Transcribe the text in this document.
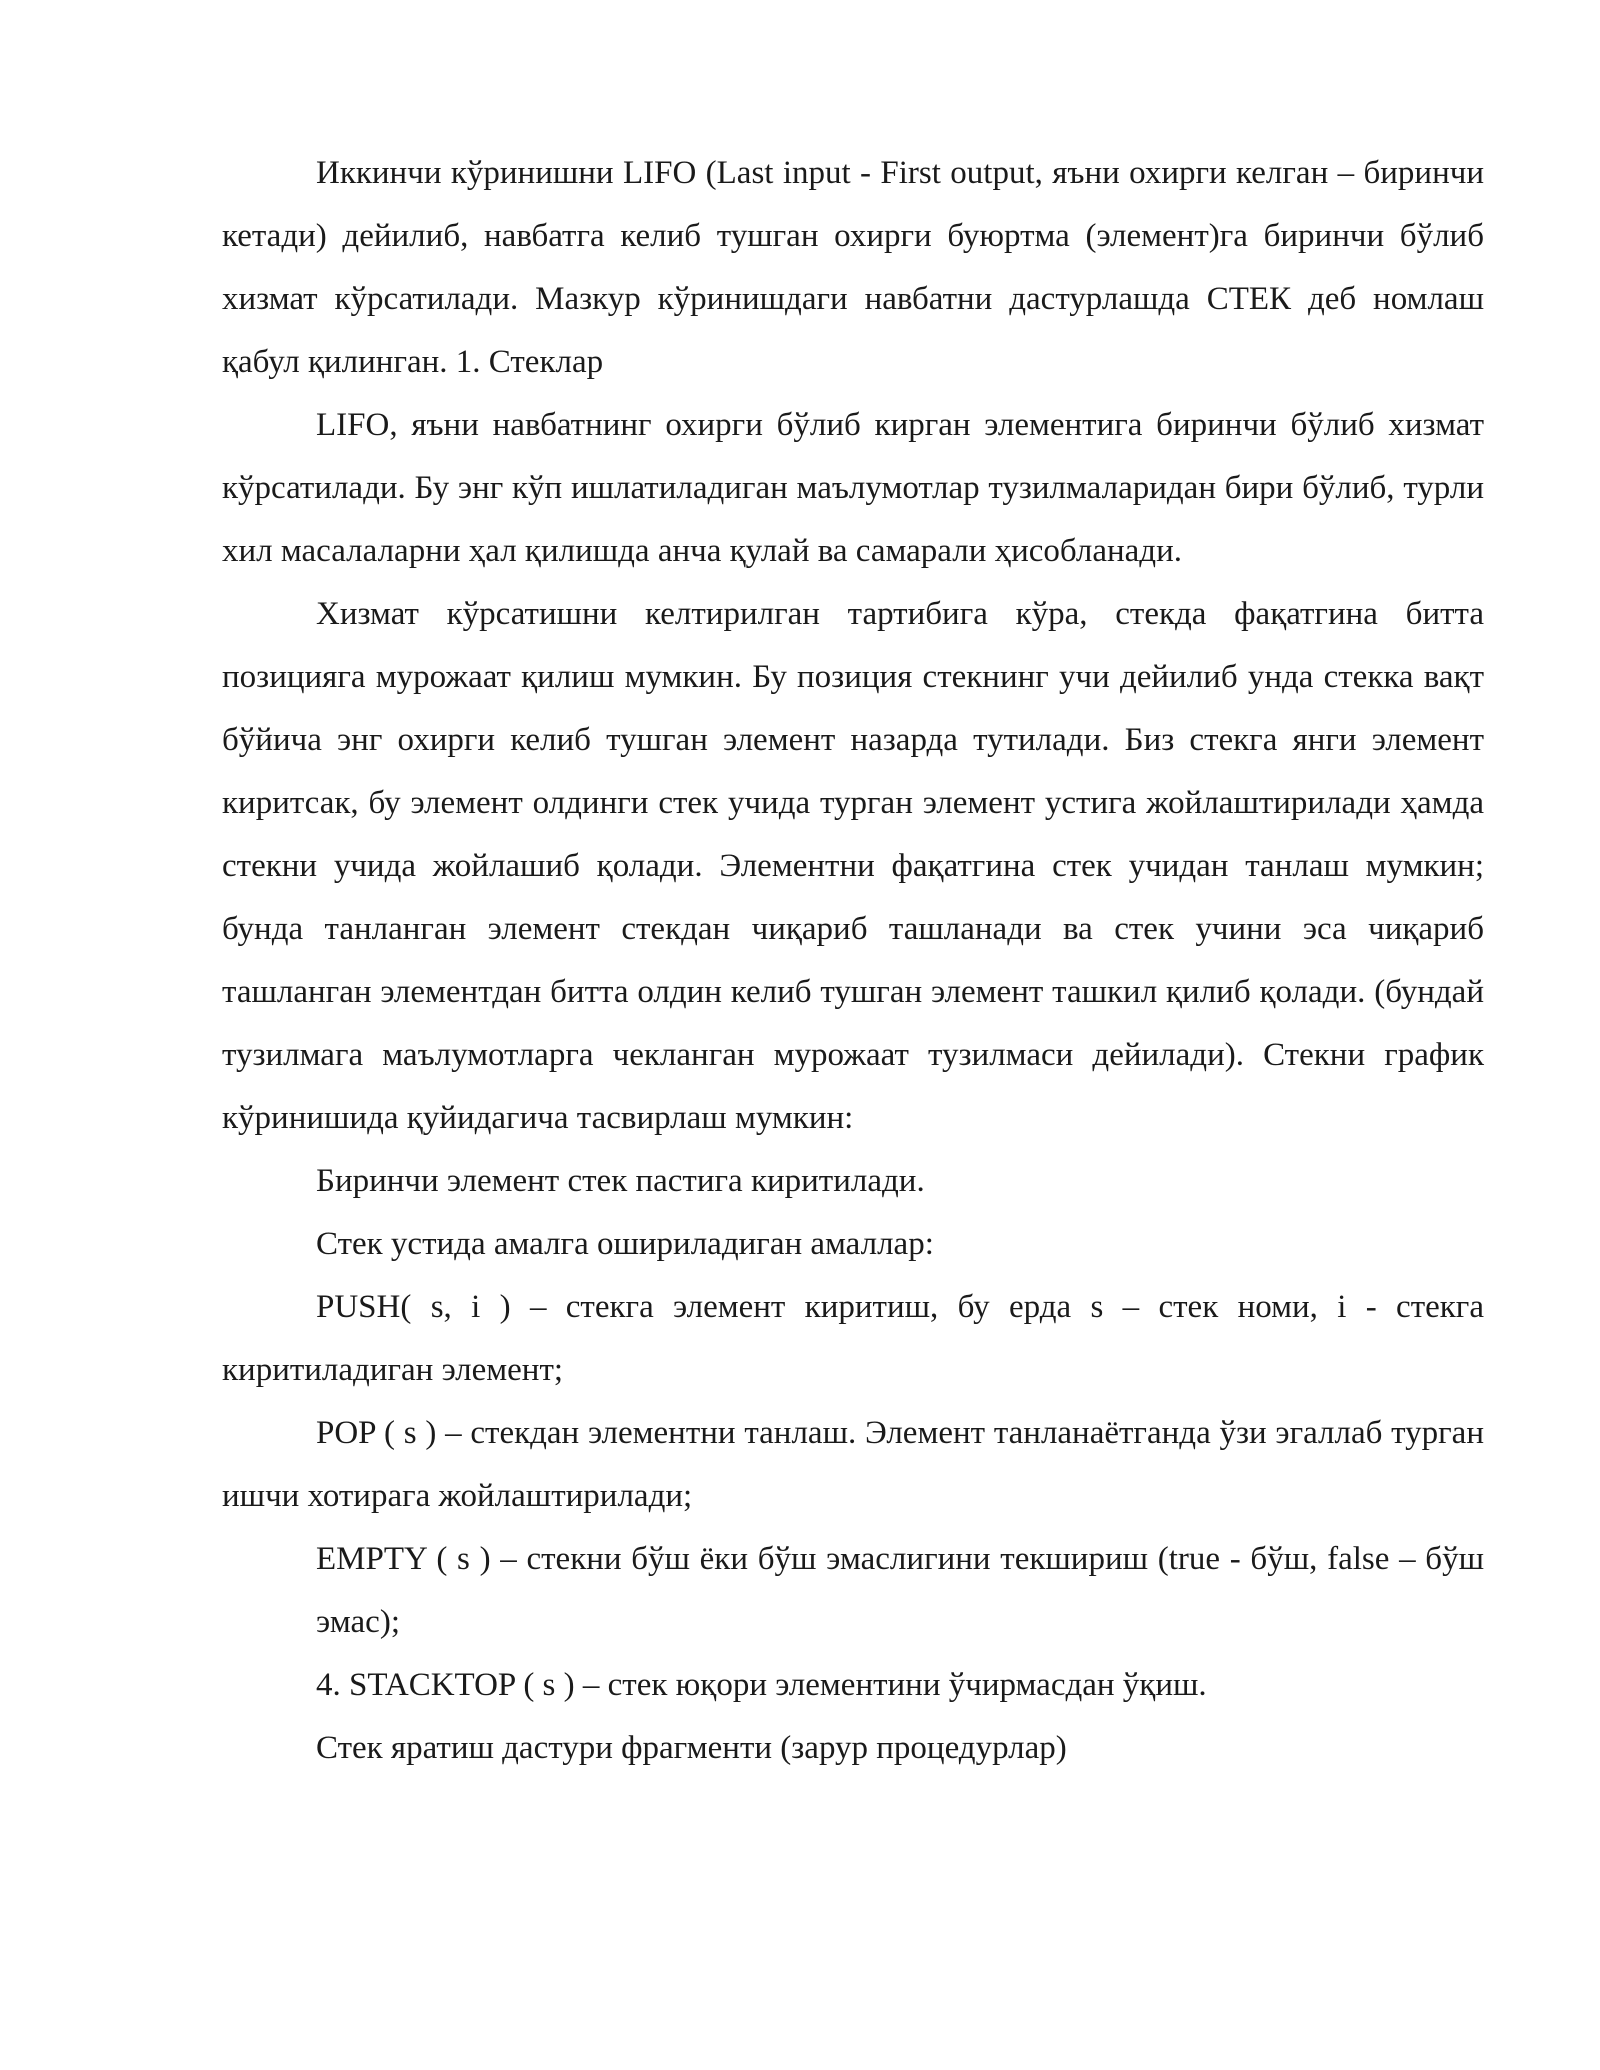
Иккинчи кўринишни LIFO (Last input - First output, яъни охирги келган – биринчи кетади) дейилиб, навбатга келиб тушган охирги буюртма (элемент)га биринчи бўлиб хизмат кўрсатилади. Мазкур кўринишдаги навбатни дастурлашда СТЕК деб номлаш қабул қилинган. 1. Стеклар

LIFO, яъни навбатнинг охирги бўлиб кирган элементига биринчи бўлиб хизмат кўрсатилади. Бу энг кўп ишлатиладиган маълумотлар тузилмаларидан бири бўлиб, турли хил масалаларни ҳал қилишда анча қулай ва самарали ҳисобланади.

Хизмат кўрсатишни келтирилган тартибига кўра, стекда фақатгина битта позицияга мурожаат қилиш мумкин. Бу позиция стекнинг учи дейилиб унда стекка вақт бўйича энг охирги келиб тушган элемент назарда тутилади. Биз стекга янги элемент киритсак, бу элемент олдинги стек учида турган элемент устига жойлаштирилади ҳамда стекни учида жойлашиб қолади. Элементни фақатгина стек учидан танлаш мумкин; бунда танланган элемент стекдан чиқариб ташланади ва стек учини эса чиқариб ташланган элементдан битта олдин келиб тушган элемент ташкил қилиб қолади. (бундай тузилмага маълумотларга чекланган мурожаат тузилмаси дейилади). Стекни график кўринишида қуйидагича тасвирлаш мумкин:

Биринчи элемент стек пастига киритилади.

Стек устида амалга ошириладиган амаллар:

PUSH( s, i ) – стекга элемент киритиш, бу ерда s – стек номи, i - стекга киритиладиган элемент;

POP ( s ) – стекдан элементни танлаш. Элемент танланаётганда ўзи эгаллаб турган ишчи хотирага жойлаштирилади;

EMPTY ( s ) – стекни бўш ёки бўш эмаслигини текшириш (true - бўш, false – бўш эмас);

4. STACKTOP ( s ) – стек юқори элементини ўчирмасдан ўқиш.

Стек яратиш дастури фрагменти (зарур процедурлар)
